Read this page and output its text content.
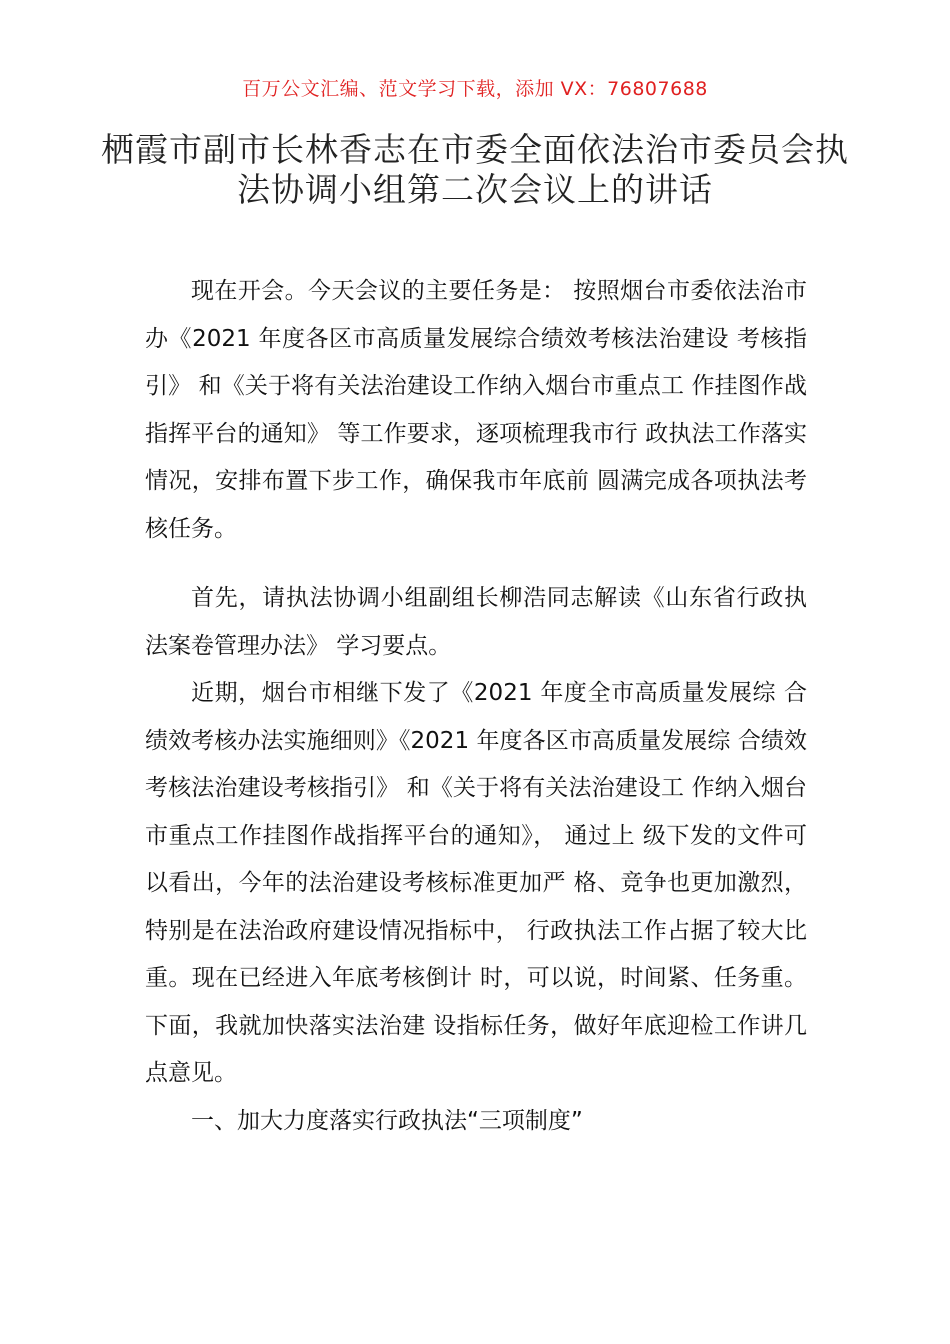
百万公文汇编、范文学习下载，添加 VX：76807688
栖霞市副市长林香志在市委全面依法治市委员会执法协调小组第二次会议上的讲话

现在开会。今天会议的主要任务是： 按照烟台市委依法治市办《2021 年度各区市高质量发展综合绩效考核法治建设 考核指引》 和《关于将有关法治建设工作纳入烟台市重点工 作挂图作战指挥平台的通知》 等工作要求，逐项梳理我市行 政执法工作落实情况，安排布置下步工作，确保我市年底前 圆满完成各项执法考核任务。

首先，请执法协调小组副组长柳浩同志解读《山东省行政执法案卷管理办法》 学习要点。

近期，烟台市相继下发了《2021 年度全市高质量发展综 合绩效考核办法实施细则》《2021 年度各区市高质量发展综 合绩效考核法治建设考核指引》 和《关于将有关法治建设工 作纳入烟台市重点工作挂图作战指挥平台的通知》， 通过上 级下发的文件可以看出，今年的法治建设考核标准更加严 格、竞争也更加激烈，特别是在法治政府建设情况指标中， 行政执法工作占据了较大比重。现在已经进入年底考核倒计 时，可以说，时间紧、任务重。下面，我就加快落实法治建 设指标任务，做好年底迎检工作讲几点意见。

一、加大力度落实行政执法“三项制度”
